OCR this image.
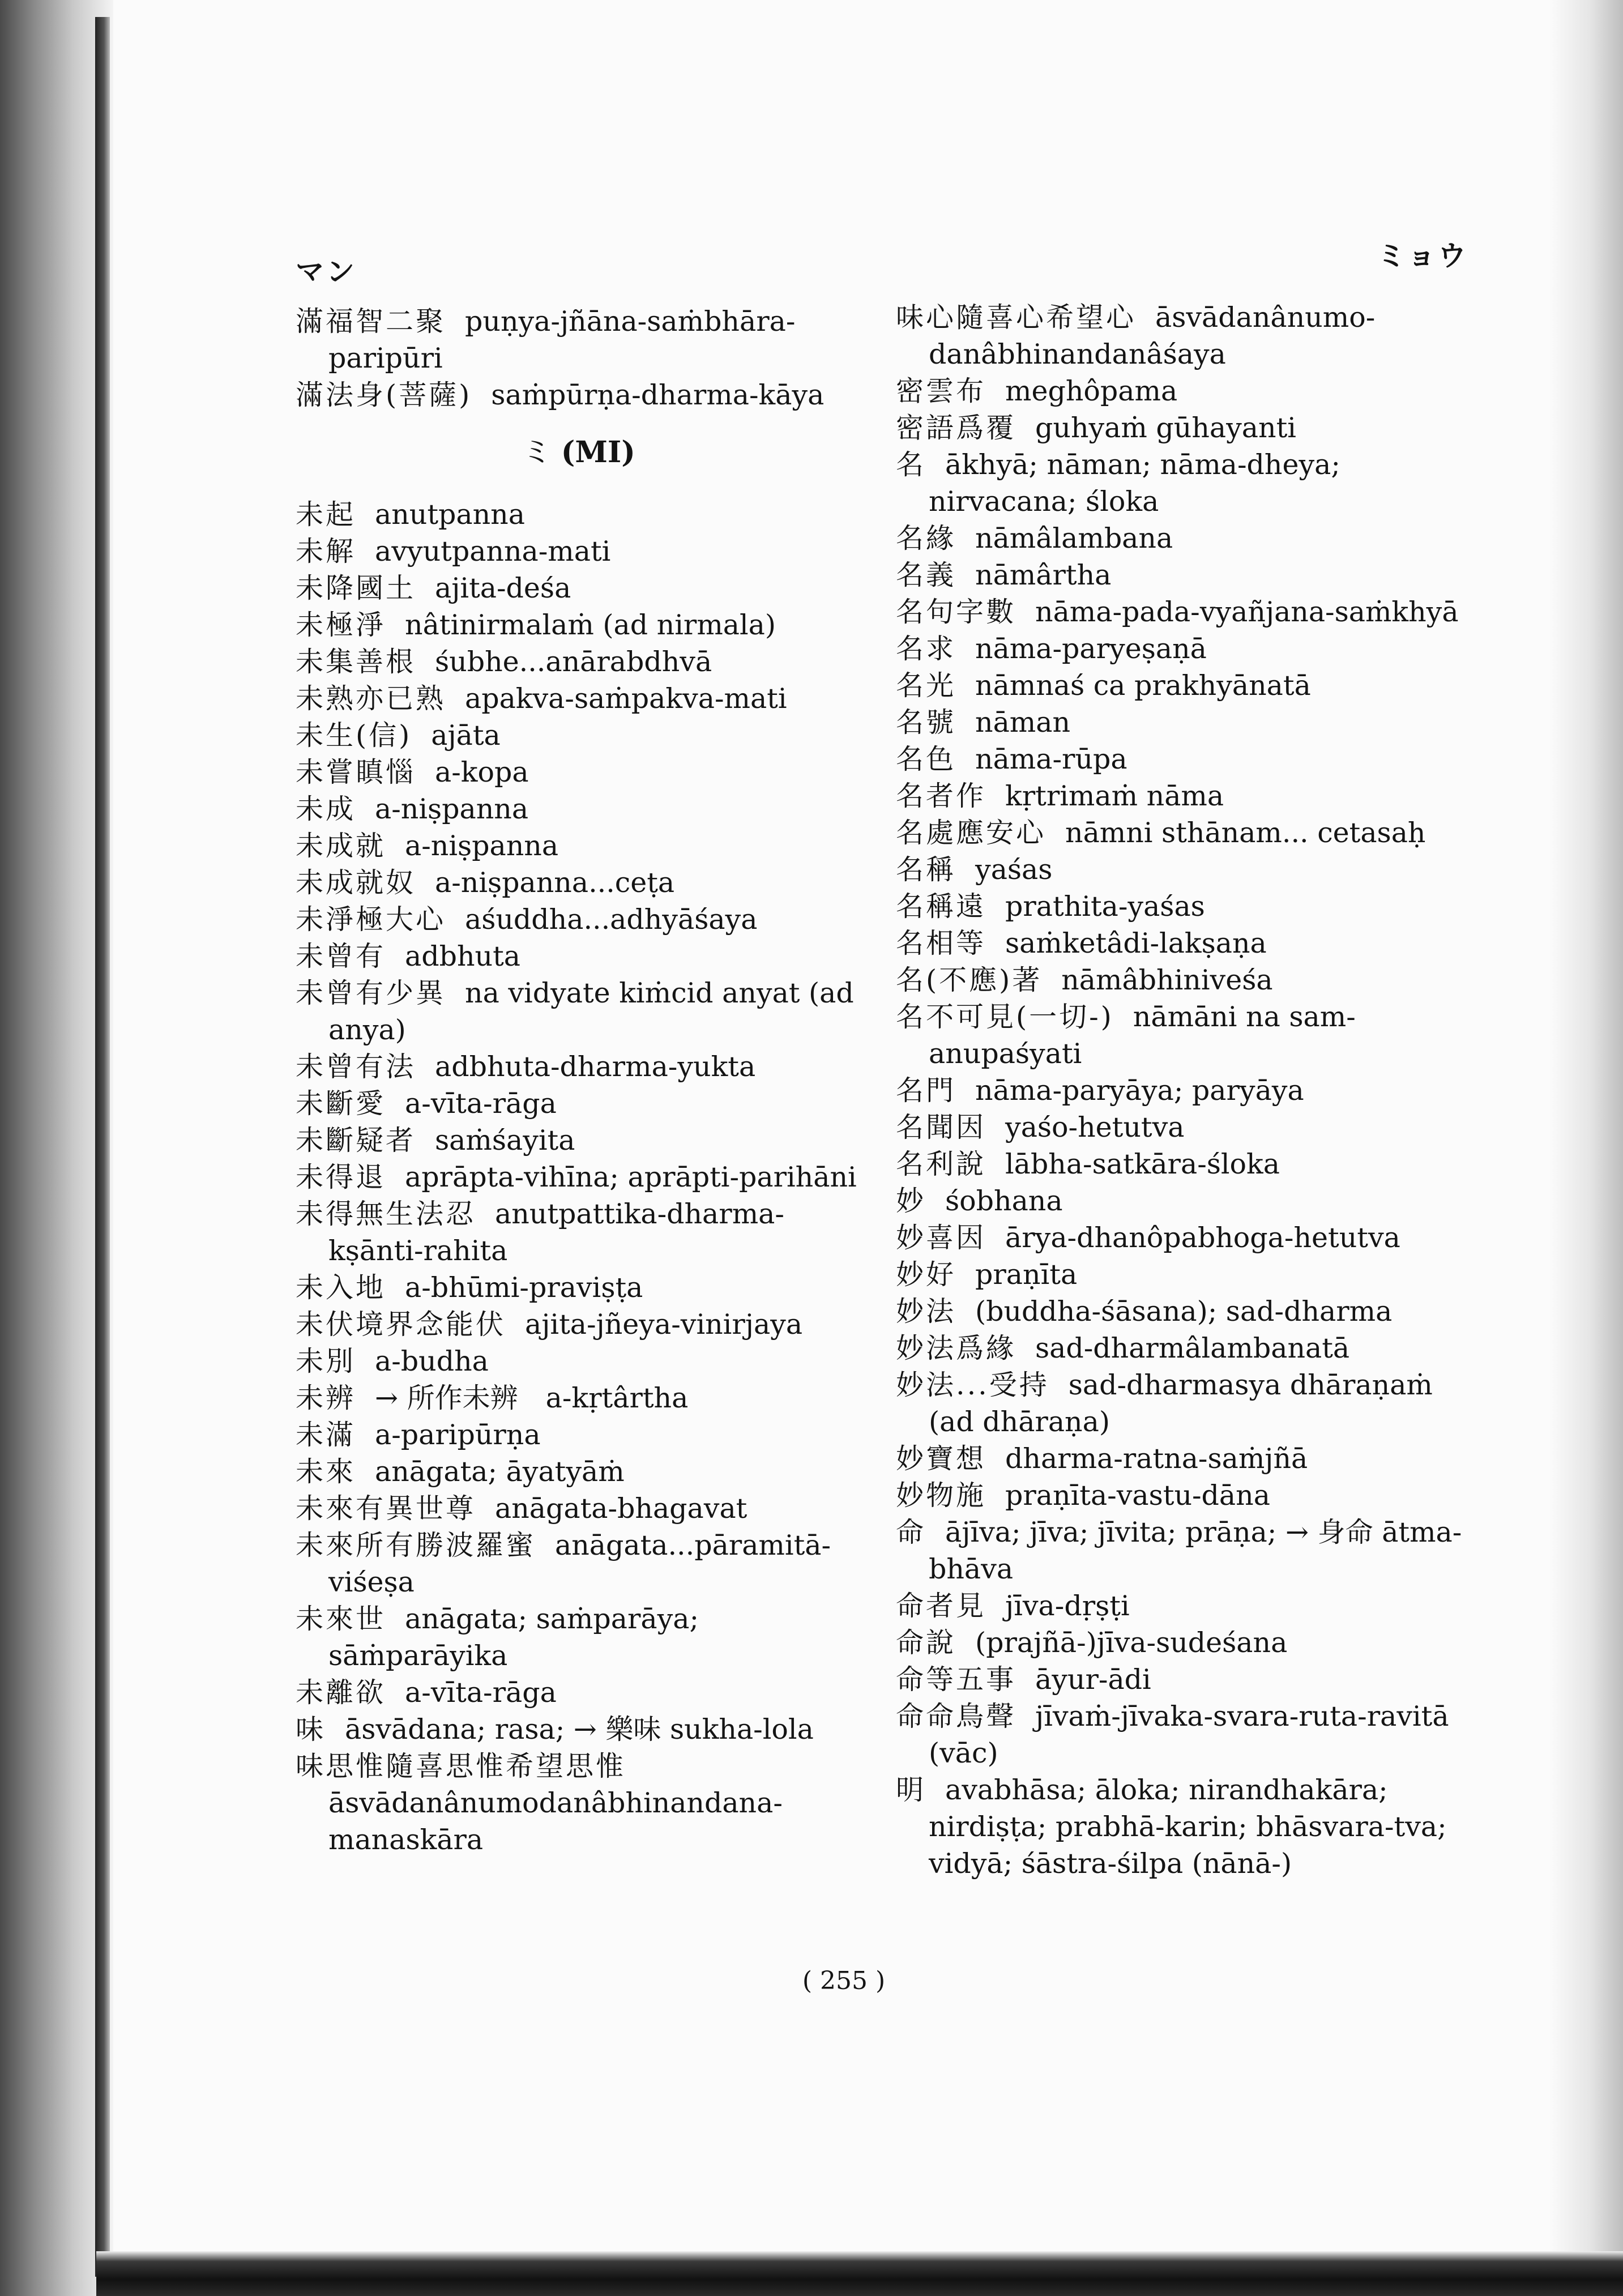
マン	ミョウ

滿福智二聚 puṇya-jñāna-saṁbhāra-paripūri

滿法身(菩薩) saṁpūrṇa-dharma-kāya

ミ (MI)

未起 anutpanna

未解 avyutpanna-mati

未降國土 ajita-deśa

未極淨 nâtinirmalaṁ (ad nirmala)

未集善根 śubhe...anārabdhvā

未熟亦已熟 apakva-saṁpakva-mati

未生(信) ajāta

未嘗瞋惱 a-kopa

未成 a-niṣpanna

未成就 a-niṣpanna

未成就奴 a-niṣpanna...ceṭa

未淨極大心 aśuddha...adhyāśaya

未曾有 adbhuta

未曾有少異 na vidyate kiṁcid anyat (ad anya)

未曾有法 adbhuta-dharma-yukta

未斷愛 a-vīta-rāga

未斷疑者 saṁśayita

未得退 aprāpta-vihīna; aprāpti-parihāni

未得無生法忍 anutpattika-dharma-kṣānti-rahita

未入地 a-bhūmi-praviṣṭa

未伏境界念能伏 ajita-jñeya-vinirjaya

未別 a-budha

未辨 → 所作未辨　a-kṛtârtha

未滿 a-paripūrṇa

未來 anāgata; āyatyāṁ

未來有異世尊 anāgata-bhagavat

未來所有勝波羅蜜 anāgata...pāramitā-viśeṣa

未來世 anāgata; saṁparāya; sāṁparāyika

未離欲 a-vīta-rāga

味 āsvādana; rasa; → 樂味 sukha-lola

味思惟隨喜思惟希望思惟āsvādanânumodanâbhinandana-manaskāra

味心隨喜心希望心 āsvādanânumo-danâbhinandanâśaya

密雲布 meghôpama

密語爲覆 guhyaṁ gūhayanti

名 ākhyā; nāman; nāma-dheya; nirvacana; śloka

名緣 nāmâlambana

名義 nāmârtha

名句字數 nāma-pada-vyañjana-saṁkhyā

名求 nāma-paryeṣaṇā

名光 nāmnaś ca prakhyānatā

名號 nāman

名色 nāma-rūpa

名者作 kṛtrimaṁ nāma

名處應安心 nāmni sthānam... cetasaḥ

名稱 yaśas

名稱遠 prathita-yaśas

名相等 saṁketâdi-lakṣaṇa

名(不應)著 nāmâbhiniveśa

名不可見(一切-) nāmāni na sam-anupaśyati

名門 nāma-paryāya; paryāya

名聞因 yaśo-hetutva

名利說 lābha-satkāra-śloka

妙 śobhana

妙喜因 ārya-dhanôpabhoga-hetutva

妙好 praṇīta

妙法 (buddha-śāsana); sad-dharma

妙法爲緣 sad-dharmâlambanatā

妙法...受持 sad-dharmasya dhāraṇaṁ (ad dhāraṇa)

妙寶想 dharma-ratna-saṁjñā

妙物施 praṇīta-vastu-dāna

命 ājīva; jīva; jīvita; prāṇa; → 身命 ātma-bhāva

命者見 jīva-dṛṣṭi

命說 (prajñā-)jīva-sudeśana

命等五事 āyur-ādi

命命鳥聲 jīvaṁ-jīvaka-svara-ruta-ravitā (vāc)

明 avabhāsa; āloka; nirandhakāra; nirdiṣṭa; prabhā-karin; bhāsvara-tva; vidyā; śāstra-śilpa (nānā-)

( 255 )
